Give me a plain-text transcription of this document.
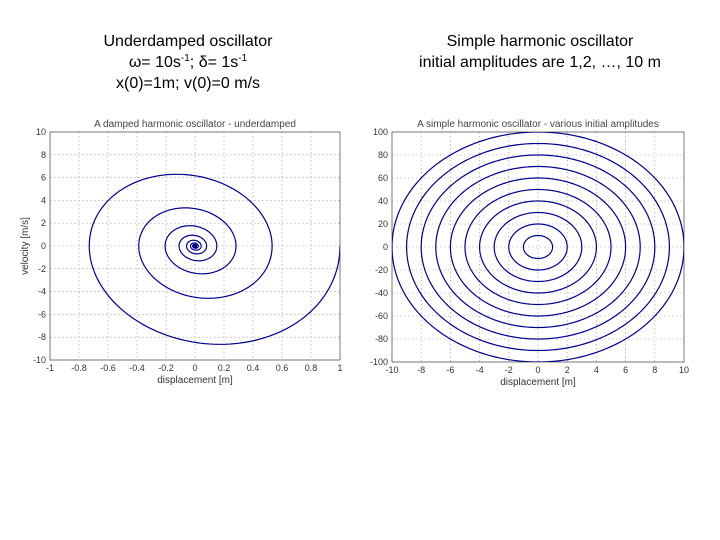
Underdamped oscillator
$\omega= 10s^{-1}$; $\delta= 1s^{-1}$
x(0)=1m; v(0)=0 m/s
Simple harmonic oscillator
initial amplitudes are 1,2, …, 10 m
-1 -0.8 -0.6 -0.4 -0.2 0 0.2 0.4 0.6 0.8 1
10
8
6
4
2
0
-2
-4
-6
-8
-10
A damped harmonic oscillator - underdamped
displacement [m]
velocity [m/s]
-10 -8 -6 -4 -2	0	2	4	6	8 10
100
80
60
40
20
0
-20
-40
-60
-80
-100
A simple harmonic oscillator - various initial amplitudes
displacement [m]
